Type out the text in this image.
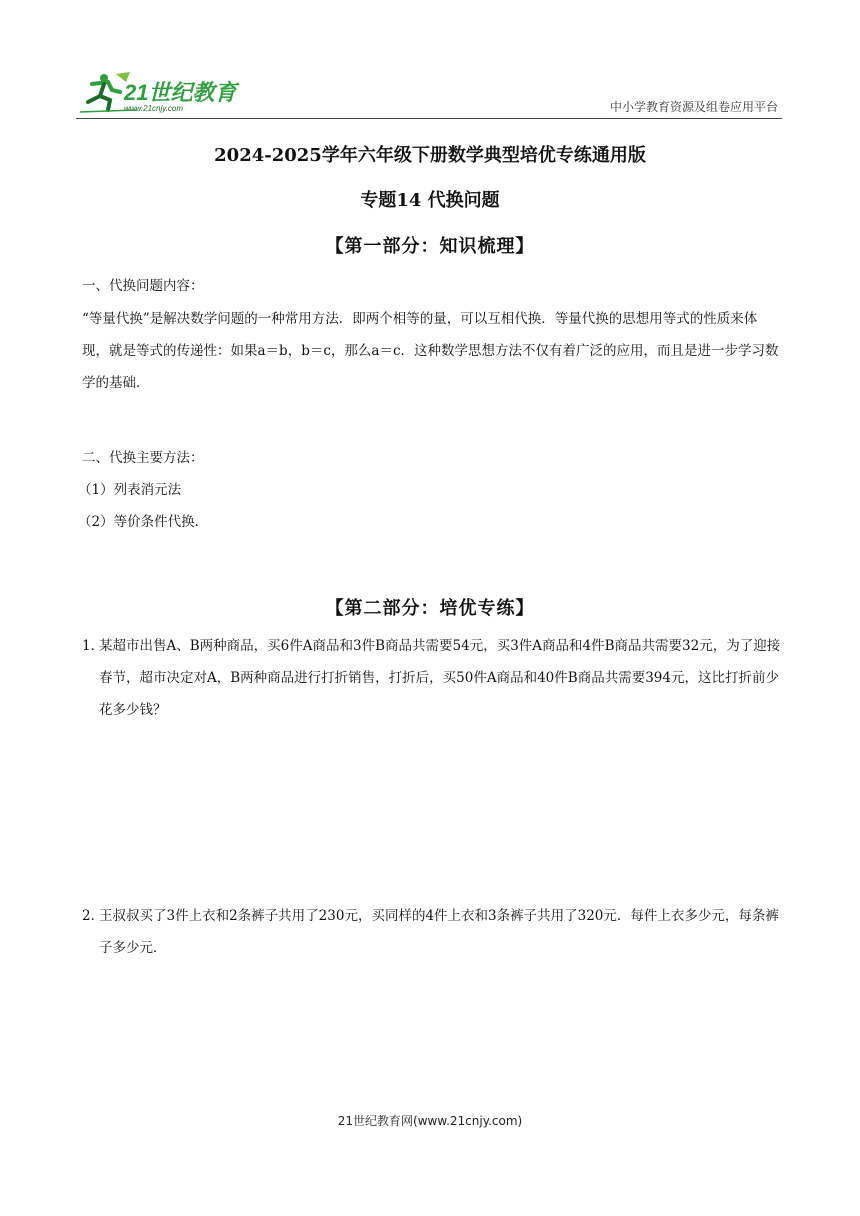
21世纪教育
www.21cnjy.com	中小学教育资源及组卷应用平台
2024-2025学年六年级下册数学典型培优专练通用版
专题14 代换问题
【第一部分：知识梳理】
一、代换问题内容：
“等量代换”是解决数学问题的一种常用方法．即两个相等的量，可以互相代换．等量代换的思想用等式的性质来体现，就是等式的传递性：如果a＝b，b＝c，那么a＝c．这种数学思想方法不仅有着广泛的应用，而且是进一步学习数学的基础．
二、代换主要方法：
（1）列表消元法
（2）等价条件代换．
【第二部分：培优专练】
1．
某超市出售A、B两种商品，买6件A商品和3件B商品共需要54元，买3件A商品和4件B商品共需要32元，为了迎接春节，超市决定对A，B两种商品进行打折销售，打折后，买50件A商品和40件B商品共需要394元，这比打折前少花多少钱？
2．
王叔叔买了3件上衣和2条裤子共用了230元，买同样的4件上衣和3条裤子共用了320元．每件上衣多少元，每条裤子多少元．
21世纪教育网(www.21cnjy.com)
